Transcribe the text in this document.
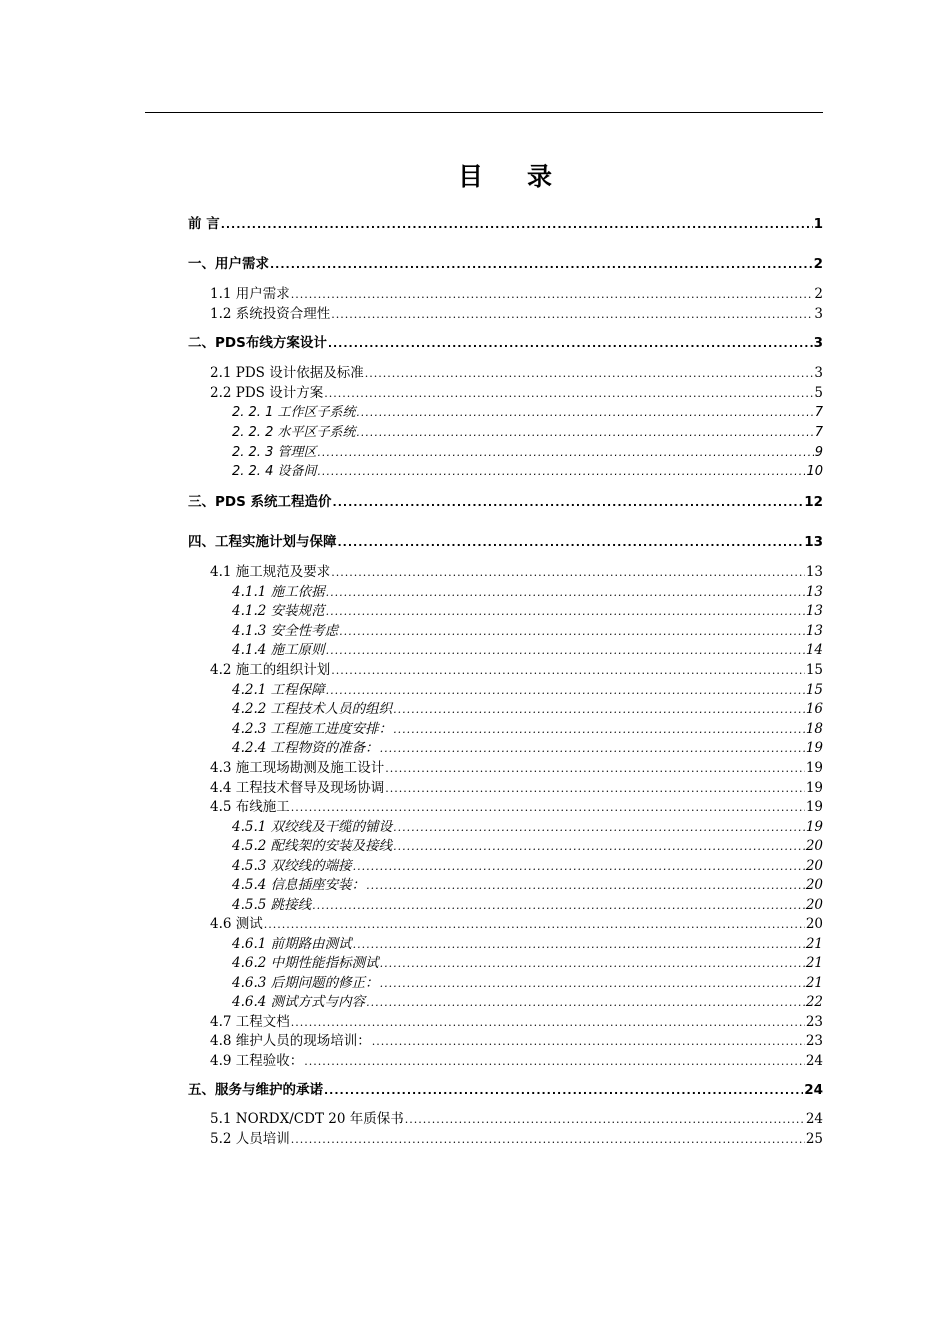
目 录
前 言 .....	1
一、用户需求 .....	2
1.1 用户需求 .....	2
1.2 系统投资合理性 .....	3
二、PDS布线方案设计 .....	3
2.1 PDS 设计依据及标准 .....	3
2.2 PDS 设计方案 .....	5
2. 2. 1 工作区子系统 .....	7
2. 2. 2 水平区子系统 .....	7
2. 2. 3 管理区 .....	9
2. 2. 4 设备间 .....	10
三、PDS 系统工程造价 .....	12
四、工程实施计划与保障 .....	13
4.1 施工规范及要求 .....	13
4.1.1 施工依据 .....	13
4.1.2 安装规范 .....	13
4.1.3 安全性考虑 .....	13
4.1.4 施工原则 .....	14
4.2 施工的组织计划 .....	15
4.2.1 工程保障 .....	15
4.2.2 工程技术人员的组织 .....	16
4.2.3 工程施工进度安排： .....	18
4.2.4 工程物资的准备： .....	19
4.3 施工现场勘测及施工设计 .....	19
4.4 工程技术督导及现场协调 .....	19
4.5 布线施工 .....	19
4.5.1 双绞线及干缆的铺设 .....	19
4.5.2 配线架的安装及接线 .....	20
4.5.3 双绞线的端接 .....	20
4.5.4 信息插座安装： .....	20
4.5.5 跳接线 .....	20
4.6 测试 .....	20
4.6.1 前期路由测试 .....	21
4.6.2 中期性能指标测试 .....	21
4.6.3 后期问题的修正： .....	21
4.6.4 测试方式与内容 .....	22
4.7 工程文档 .....	23
4.8 维护人员的现场培训： .....	23
4.9 工程验收： .....	24
五、服务与维护的承诺 .....	24
5.1 NORDX/CDT 20 年质保书 .....	24
5.2 人员培训 .....	25
